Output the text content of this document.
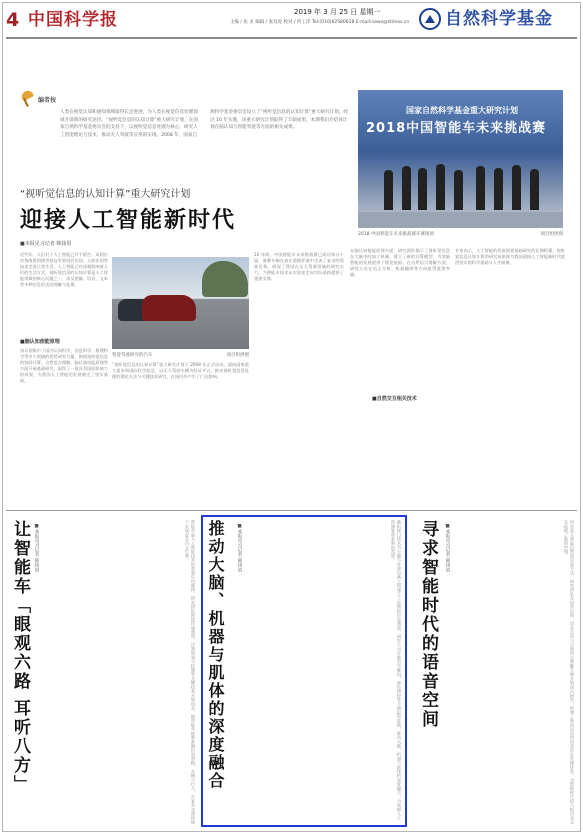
4 中国科学报	2019 年 3 月 25 日 星期一
主编 / 张 贞 编辑 / 张双虎 校对 / 何工洋 Tel:(010)62580618 E-mail:news@stimes.cn 自然科学基金
编者按
人类在视觉认知和感知领域取得长足进展，为人类在视觉信息处理领域开辟新的研究途径。“视听觉信息的认知计算”重大研究计划，在国家自然科学基金委员会的支持下，以视听觉信息处理为核心，研究人工智能理论与技术，推动无人驾驶等应用的实现。2008 年，国家自然科学基金委员会设立了“视听觉信息的认知计算”重大研究计划。经过 10 年实施，该重大研究计划取得了丰硕成果，本期我们介绍该计划在脑认知与智能驾驶等方面的相关成果。
国家自然科学基金重大研究计划
2018中国智能车未来挑战赛
2018 中国智能车未来挑战赛开赛现场	项目组供图
“视听觉信息的认知计算”重大研究计划
迎接人工智能新时代
■本报见习记者 韩扬眉
近些年，人们对于人工智能已并不陌生。从阿尔法狗战胜围棋世界冠军到语音识别、人脸识别等技术走进日常生活，人工智能已经深刻影响着人们的生活方式。视听觉信息的认知计算是人工智能领域的核心问题之一，涉及图像、语音、文本等多种信息形式的理解与处理。
■脑认知使能原理
该计划集中了国内认知科学、信息科学、数理科学等多个领域的优势研究力量，围绕视听觉信息的协同计算、自然语言理解、脑认知功能原理等方面开展基础研究，取得了一批具有国际影响力的成果，为我国人工智能的发展奠定了坚实基础。
智能驾驶研究的汽车	项目组供图
“视听觉信息的认知计算”重大研究计划于 2008 年正式启动，面向国家重大需求和国际科学前沿，以无人驾驶车辆为验证平台，推动视听觉信息处理的理论方法与关键技术研究，在国内外产生了广泛影响。
10 年间，中国智能车未来挑战赛已成功举办十届，参赛车辆在真实道路环境中完成了复杂的驾驶任务，展现了我国在无人驾驶领域的研究实力，为智能车技术从实验室走向实际道路提供了重要支撑。
在脑认知使能原理方面，研究团队揭示了视听觉信息在大脑中的加工机制，建立了新的计算模型，为类脑智能的发展提供了理论依据。在自然语言理解方面，研究人员在语义分析、机器翻译等方向取得重要突破。
■自然交互相关技术
专家表示，人工智能的发展需要基础研究的长期积累，视听觉信息认知计算的研究成果将为我国迎接人工智能新时代提供坚实的科学基础与人才储备。
让智能车「眼观六路 耳听八方」 ■本报见习记者 韩扬眉	智能车是人工智能技术的重要应用载体。研究团队围绕环境感知、决策规划与控制等关键技术开展攻关，使智能车能够准确识别道路、车辆与行人，在复杂交通环境下实现安全自主行驶。	推动大脑、机器与肌体的深度融合	■本报见习记者 韩扬眉	脑机接口技术为大脑与外部设备之间建立了直接的信息通道。研究人员在脑信号解码、神经调控等方面取得进展，推动大脑、机器与肌体的深度融合，为残障人士的康复带来新的希望。	寻求智能时代的语音空间	■本报见习记者 韩扬眉	语音是人类最自然的交流方式。研究团队在语音识别、语音合成与自然语言理解方面开展深入研究，构建了面向汉语的语音信息处理体系，为智能时代的人机语音交互拓展了新的空间。
